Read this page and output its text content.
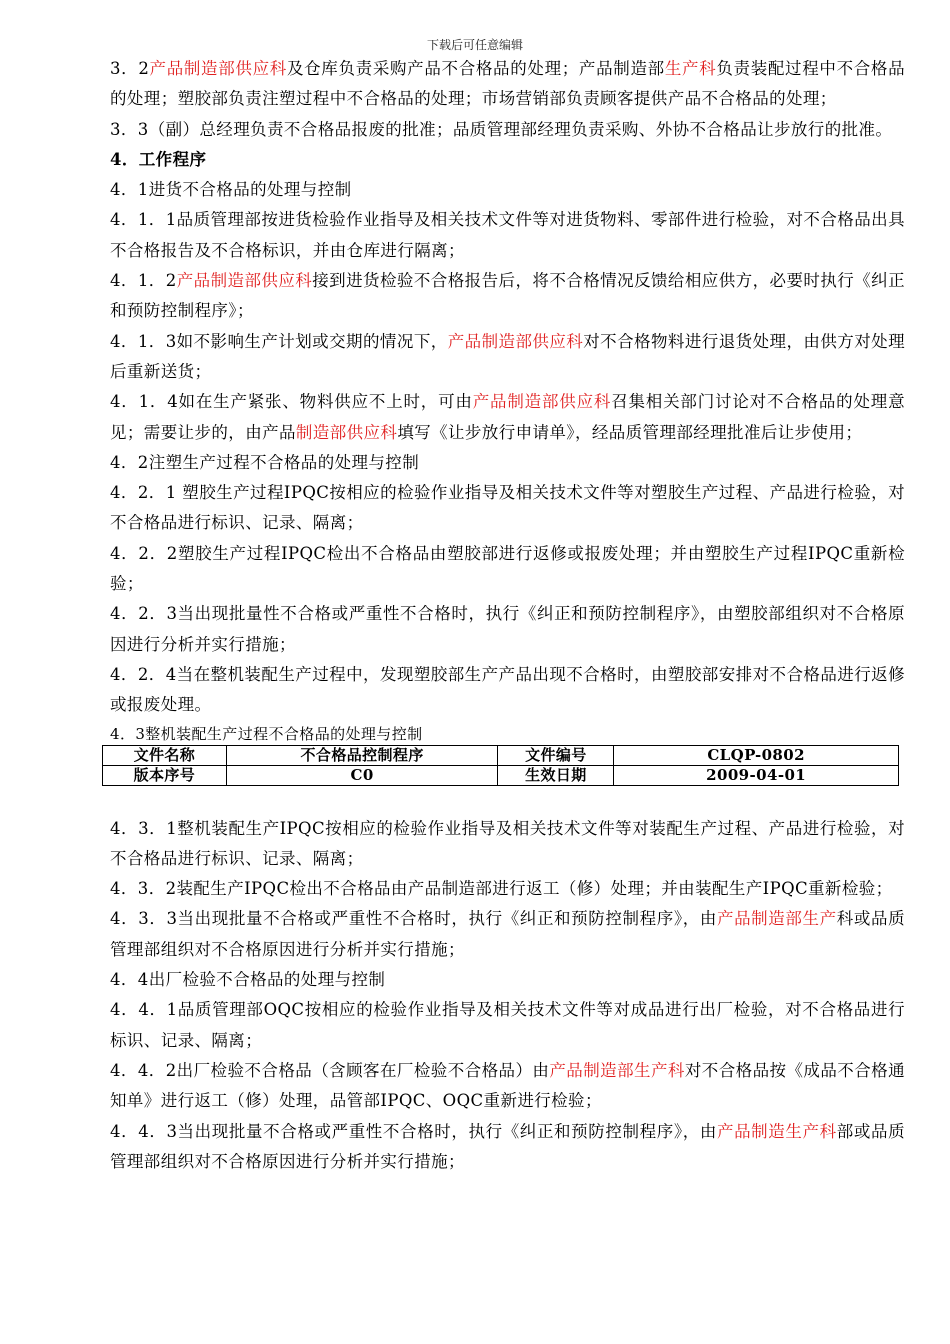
下载后可任意编辑

3．2产品制造部供应科及仓库负责采购产品不合格品的处理；产品制造部生产科负责装配过程中不合格品的处理；塑胶部负责注塑过程中不合格品的处理；市场营销部负责顾客提供产品不合格品的处理；

3．3（副）总经理负责不合格品报废的批准；品质管理部经理负责采购、外协不合格品让步放行的批准。

4．工作程序

4．1进货不合格品的处理与控制

4．1．1品质管理部按进货检验作业指导及相关技术文件等对进货物料、零部件进行检验，对不合格品出具不合格报告及不合格标识，并由仓库进行隔离；

4．1．2产品制造部供应科接到进货检验不合格报告后，将不合格情况反馈给相应供方，必要时执行《纠正和预防控制程序》；

4．1．3如不影响生产计划或交期的情况下，产品制造部供应科对不合格物料进行退货处理，由供方对处理后重新送货；

4．1．4如在生产紧张、物料供应不上时，可由产品制造部供应科召集相关部门讨论对不合格品的处理意见；需要让步的，由产品制造部供应科填写《让步放行申请单》，经品质管理部经理批准后让步使用；

4．2注塑生产过程不合格品的处理与控制

4．2．1 塑胶生产过程IPQC按相应的检验作业指导及相关技术文件等对塑胶生产过程、产品进行检验，对不合格品进行标识、记录、隔离；

4．2．2塑胶生产过程IPQC检出不合格品由塑胶部进行返修或报废处理；并由塑胶生产过程IPQC重新检验；

4．2．3当出现批量性不合格或严重性不合格时，执行《纠正和预防控制程序》，由塑胶部组织对不合格原因进行分析并实行措施；

4．2．4当在整机装配生产过程中，发现塑胶部生产产品出现不合格时，由塑胶部安排对不合格品进行返修或报废处理。

4．3整机装配生产过程不合格品的处理与控制

文件名称	不合格品控制程序	文件编号	CLQP-0802
版本序号	C0	生效日期	2009-04-01

4．3．1整机装配生产IPQC按相应的检验作业指导及相关技术文件等对装配生产过程、产品进行检验，对不合格品进行标识、记录、隔离；

4．3．2装配生产IPQC检出不合格品由产品制造部进行返工（修）处理；并由装配生产IPQC重新检验；

4．3．3当出现批量不合格或严重性不合格时，执行《纠正和预防控制程序》，由产品制造部生产科或品质管理部组织对不合格原因进行分析并实行措施；

4．4出厂检验不合格品的处理与控制

4．4．1品质管理部OQC按相应的检验作业指导及相关技术文件等对成品进行出厂检验，对不合格品进行标识、记录、隔离；

4．4．2出厂检验不合格品（含顾客在厂检验不合格品）由产品制造部生产科对不合格品按《成品不合格通知单》进行返工（修）处理，品管部IPQC、OQC重新进行检验；

4．4．3当出现批量不合格或严重性不合格时，执行《纠正和预防控制程序》，由产品制造生产科部或品质管理部组织对不合格原因进行分析并实行措施；
